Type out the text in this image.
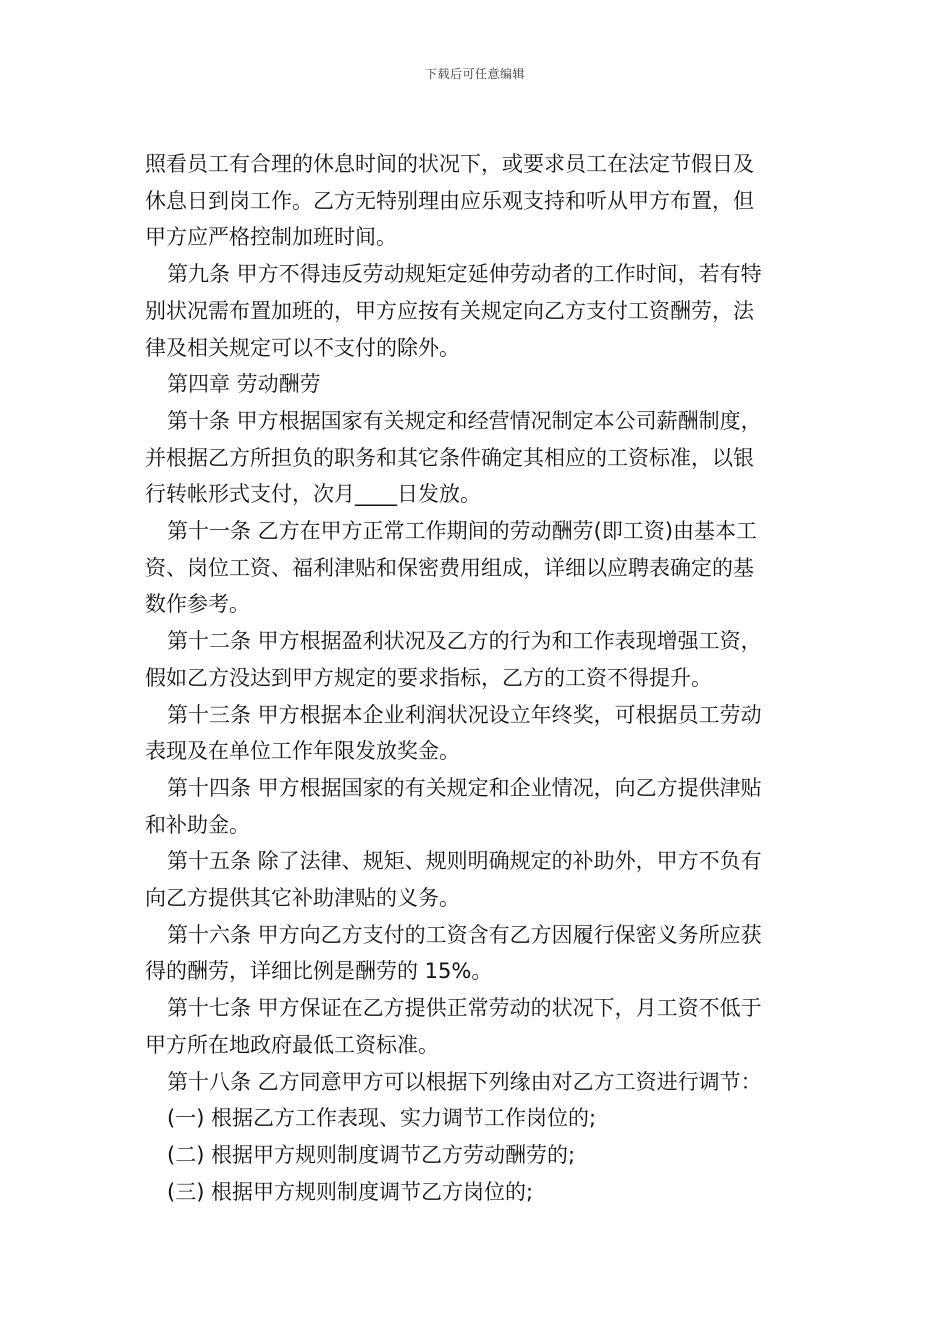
下载后可任意编辑
照看员工有合理的休息时间的状况下，或要求员工在法定节假日及
休息日到岗工作。乙方无特别理由应乐观支持和听从甲方布置，但
甲方应严格控制加班时间。
第九条 甲方不得违反劳动规矩定延伸劳动者的工作时间，若有特
别状况需布置加班的，甲方应按有关规定向乙方支付工资酬劳，法
律及相关规定可以不支付的除外。
第四章 劳动酬劳
第十条 甲方根据国家有关规定和经营情况制定本公司薪酬制度，
并根据乙方所担负的职务和其它条件确定其相应的工资标准，以银
行转帐形式支付，次月____日发放。
第十一条 乙方在甲方正常工作期间的劳动酬劳(即工资)由基本工
资、岗位工资、福利津贴和保密费用组成，详细以应聘表确定的基
数作参考。
第十二条 甲方根据盈利状况及乙方的行为和工作表现增强工资，
假如乙方没达到甲方规定的要求指标，乙方的工资不得提升。
第十三条 甲方根据本企业利润状况设立年终奖，可根据员工劳动
表现及在单位工作年限发放奖金。
第十四条 甲方根据国家的有关规定和企业情况，向乙方提供津贴
和补助金。
第十五条 除了法律、规矩、规则明确规定的补助外，甲方不负有
向乙方提供其它补助津贴的义务。
第十六条 甲方向乙方支付的工资含有乙方因履行保密义务所应获
得的酬劳，详细比例是酬劳的 15%。
第十七条 甲方保证在乙方提供正常劳动的状况下，月工资不低于
甲方所在地政府最低工资标准。
第十八条 乙方同意甲方可以根据下列缘由对乙方工资进行调节：
(一) 根据乙方工作表现、实力调节工作岗位的;
(二) 根据甲方规则制度调节乙方劳动酬劳的;
(三) 根据甲方规则制度调节乙方岗位的;
